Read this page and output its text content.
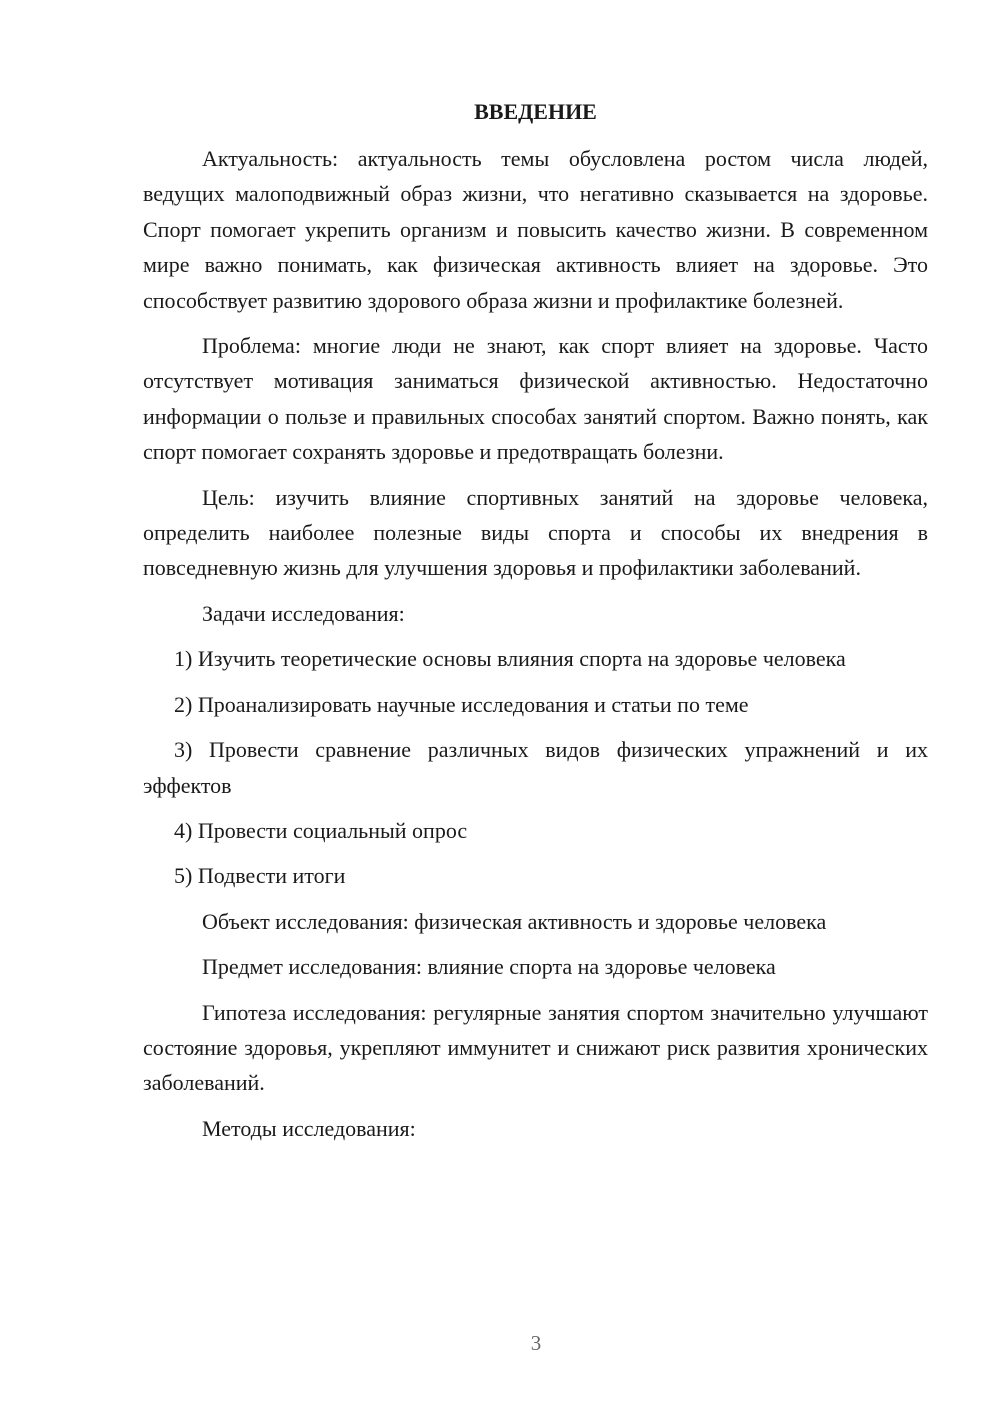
ВВЕДЕНИЕ

Актуальность: актуальность темы обусловлена ростом числа людей, ведущих малоподвижный образ жизни, что негативно сказывается на здоровье. Спорт помогает укрепить организм и повысить качество жизни. В современном мире важно понимать, как физическая активность влияет на здоровье. Это способствует развитию здорового образа жизни и профилактике болезней.

Проблема: многие люди не знают, как спорт влияет на здоровье. Часто отсутствует мотивация заниматься физической активностью. Недостаточно информации о пользе и правильных способах занятий спортом. Важно понять, как спорт помогает сохранять здоровье и предотвращать болезни.

Цель: изучить влияние спортивных занятий на здоровье человека, определить наиболее полезные виды спорта и способы их внедрения в повседневную жизнь для улучшения здоровья и профилактики заболеваний.

Задачи исследования:

1) Изучить теоретические основы влияния спорта на здоровье человека

2) Проанализировать научные исследования и статьи по теме

3) Провести сравнение различных видов физических упражнений и их эффектов

4) Провести социальный опрос

5) Подвести итоги

Объект исследования: физическая активность и здоровье человека

Предмет исследования: влияние спорта на здоровье человека

Гипотеза исследования: регулярные занятия спортом значительно улучшают состояние здоровья, укрепляют иммунитет и снижают риск развития хронических заболеваний.

Методы исследования:

3
